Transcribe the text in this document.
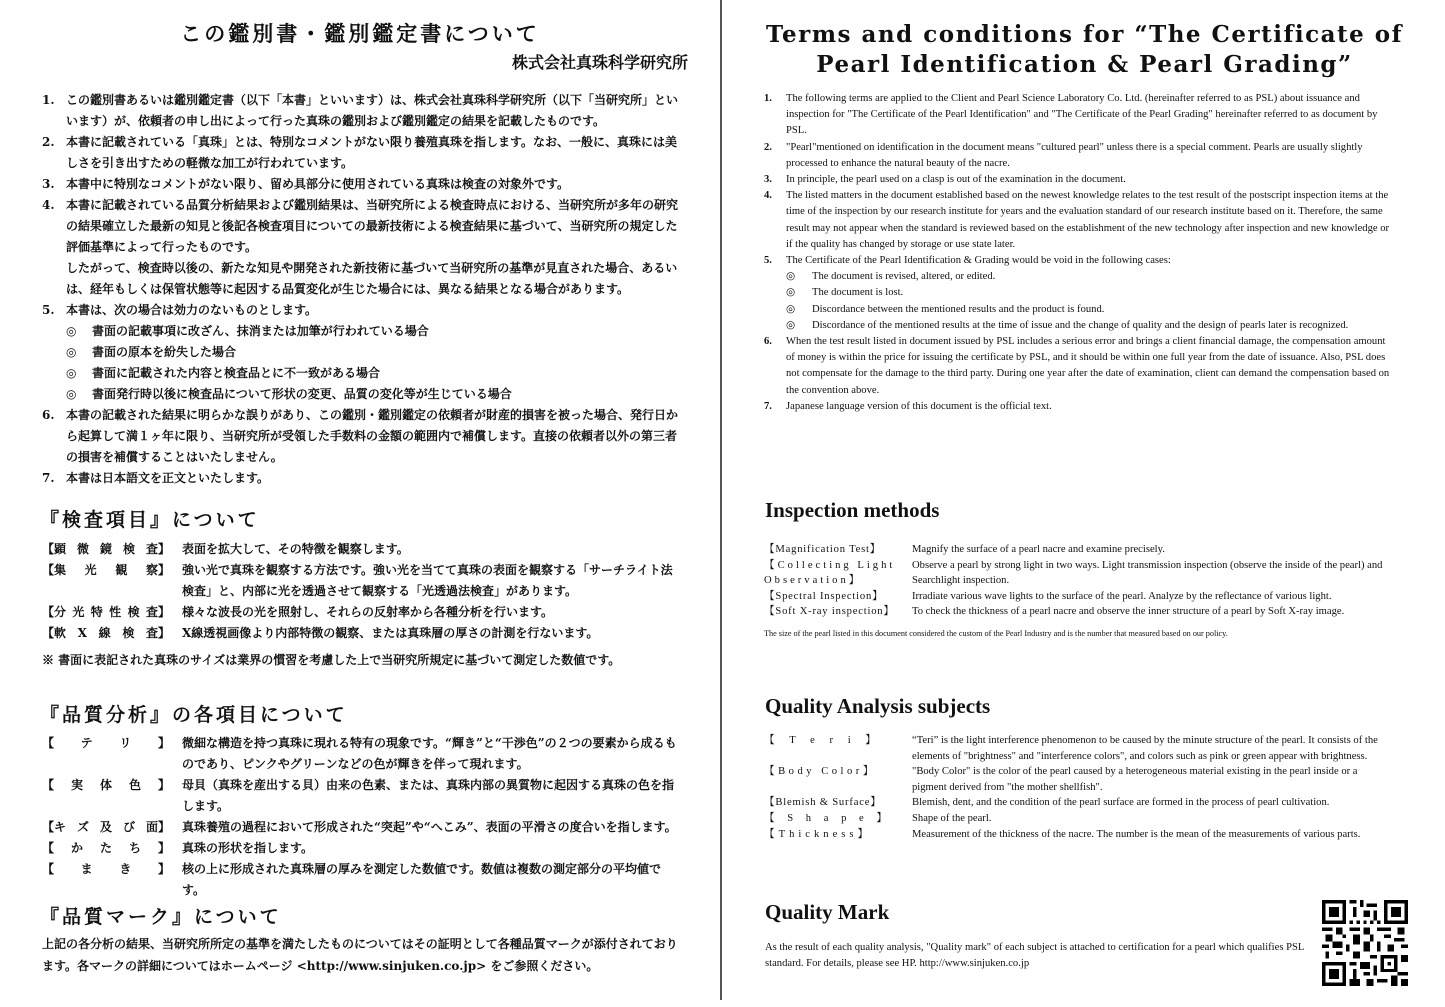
この鑑別書・鑑別鑑定書について
株式会社真珠科学研究所
1. この鑑別書あるいは鑑別鑑定書（以下「本書」といいます）は、株式会社真珠科学研究所（以下「当研究所」といいます）が、依頼者の申し出によって行った真珠の鑑別および鑑別鑑定の結果を記載したものです。
2. 本書に記載されている「真珠」とは、特別なコメントがない限り養殖真珠を指します。なお、一般に、真珠には美しさを引き出すための軽微な加工が行われています。
3. 本書中に特別なコメントがない限り、留め具部分に使用されている真珠は検査の対象外です。
4. 本書に記載されている品質分析結果および鑑別結果は、当研究所による検査時点における、当研究所が多年の研究の結果確立した最新の知見と後記各検査項目についての最新技術による検査結果に基づいて、当研究所の規定した評価基準によって行ったものです。
したがって、検査時以後の、新たな知見や開発された新技術に基づいて当研究所の基準が見直された場合、あるいは、経年もしくは保管状態等に起因する品質変化が生じた場合には、異なる結果となる場合があります。
5. 本書は、次の場合は効力のないものとします。
◎	書面の記載事項に改ざん、抹消または加筆が行われている場合
◎	書面の原本を紛失した場合
◎	書面に記載された内容と検査品とに不一致がある場合
◎	書面発行時以後に検査品について形状の変更、品質の変化等が生じている場合
6. 本書の記載された結果に明らかな誤りがあり、この鑑別・鑑別鑑定の依頼者が財産的損害を被った場合、発行日から起算して満１ヶ年に限り、当研究所が受領した手数料の金額の範囲内で補償します。直接の依頼者以外の第三者の損害を補償することはいたしません。
7. 本書は日本語文を正文といたします。
『検査項目』について
【顕 微 鏡 検 査】	表面を拡大して、その特徴を観察します。
【集 光 観 察】	強い光で真珠を観察する方法です。強い光を当てて真珠の表面を観察する「サーチライト法検査」と、内部に光を透過させて観察する「光透過法検査」があります。
【分 光 特 性 検 査】	様々な波長の光を照射し、それらの反射率から各種分析を行います。
【軟 X 線 検 査】	X線透視画像より内部特徴の観察、または真珠層の厚さの計測を行ないます。
※ 書面に表記された真珠のサイズは業界の慣習を考慮した上で当研究所規定に基づいて測定した数値です。
『品質分析』の各項目について
【 テ リ 】	微細な構造を持つ真珠に現れる特有の現象です。“輝き”と“干渉色”の２つの要素から成るものであり、ピンクやグリーンなどの色が輝きを伴って現れます。
【 実 体 色 】	母貝（真珠を産出する貝）由来の色素、または、真珠内部の異質物に起因する真珠の色を指します。
【キ ズ 及 び 面】	真珠養殖の過程において形成された“突起”や“へこみ”、表面の平滑さの度合いを指します。
【 か た ち 】	真珠の形状を指します。
【 ま き 】	核の上に形成された真珠層の厚みを測定した数値です。数値は複数の測定部分の平均値です。
『品質マーク』について
上記の各分析の結果、当研究所所定の基準を満たしたものについてはその証明として各種品質マークが添付されております。各マークの詳細についてはホームページ <http://www.sinjuken.co.jp> をご参照ください。
Terms and conditions for “The Certificate of
Pearl Identification & Pearl Grading”
1.	The following terms are applied to the Client and Pearl Science Laboratory Co. Ltd. (hereinafter referred to as PSL) about issuance and inspection for "The Certificate of the Pearl Identification" and "The Certificate of the Pearl Grading" hereinafter referred to as document by PSL.
2.	"Pearl"mentioned on identification in the document means "cultured pearl" unless there is a special comment. Pearls are usually slightly processed to enhance the natural beauty of the nacre.
3.	In principle, the pearl used on a clasp is out of the examination in the document.
4.	The listed matters in the document established based on the newest knowledge relates to the test result of the postscript inspection items at the time of the inspection by our research institute for years and the evaluation standard of our research institute based on it. Therefore, the same result may not appear when the standard is reviewed based on the establishment of the new technology after inspection and new knowledge or if the quality has changed by storage or use state later.
5.	The Certificate of the Pearl Identification & Grading would be void in the following cases:
◎	The document is revised, altered, or edited.
◎	The document is lost.
◎	Discordance between the mentioned results and the product is found.
◎	Discordance of the mentioned results at the time of issue and the change of quality and the design of pearls later is recognized.
6.	When the test result listed in document issued by PSL includes a serious error and brings a client financial damage, the compensation amount of money is within the price for issuing the certificate by PSL, and it should be within one full year from the date of issuance. Also, PSL does not compensate for the damage to the third party. During one year after the date of examination, client can demand the compensation based on the convention above.
7.	Japanese language version of this document is the official text.
Inspection methods
【Magnification Test】	Magnify the surface of a pearl nacre and examine precisely.
【Collecting Light Observation】
Observe a pearl by strong light in two ways. Light transmission inspection (observe the inside of the pearl) and Searchlight inspection.
【Spectral Inspection】	Irradiate various wave lights to the surface of the pearl. Analyze by the reflectance of various light.
【Soft X-ray inspection】	To check the thickness of a pearl nacre and observe the inner structure of a pearl by Soft X-ray image.
The size of the pearl listed in this document considered the custom of the Pearl Industry and is the number that measured based on our policy.
Quality Analysis subjects
【 T e r i 】	“Teri” is the light interference phenomenon to be caused by the minute structure of the pearl. It consists of the elements of "brightness" and "interference colors", and colors such as pink or green appear with brightness.
【Body Color】	"Body Color" is the color of the pearl caused by a heterogeneous material existing in the pearl inside or a pigment derived from "the mother shellfish".
【Blemish & Surface】	Blemish, dent, and the condition of the pearl surface are formed in the process of pearl cultivation.
【 S h a p e 】	Shape of the pearl.
【Thickness】	Measurement of the thickness of the nacre. The number is the mean of the measurements of various parts.
Quality Mark
As the result of each quality analysis, "Quality mark" of each subject is attached to certification for a pearl which qualifies PSL standard. For details, please see HP. http://www.sinjuken.co.jp
